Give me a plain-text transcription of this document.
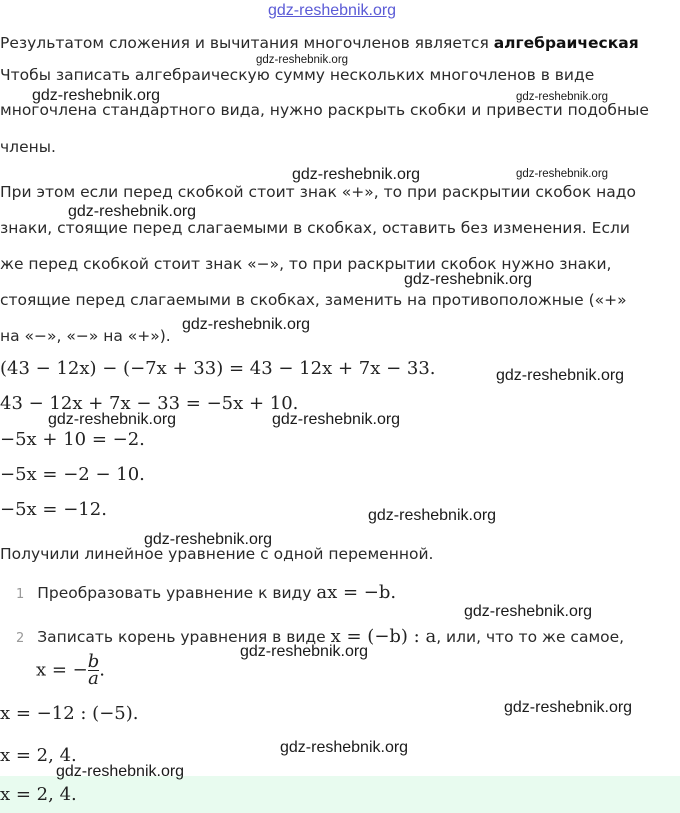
gdz-reshebnik.org
Результатом сложения и вычитания многочленов является алгебраическая
Чтобы записать алгебраическую сумму нескольких многочленов в виде
многочлена стандартного вида, нужно раскрыть скобки и привести подобные
члены.
При этом если перед скобкой стоит знак «+», то при раскрытии скобок надо
знаки, стоящие перед слагаемыми в скобках, оставить без изменения. Если
же перед скобкой стоит знак «−», то при раскрытии скобок нужно знаки,
стоящие перед слагаемыми в скобках, заменить на противоположные («+»
на «−», «−» на «+»).
(43 − 12x) − (−7x + 33) = 43 − 12x + 7x − 33.
43 − 12x + 7x − 33 = −5x + 10.
−5x + 10 = −2.
−5x = −2 − 10.
−5x = −12.
Получили линейное уравнение с одной переменной.
1 Преобразовать уравнение к виду ax = −b.
2 Записать корень уравнения в виде x = (−b) : a, или, что то же самое,
x = − $\frac{b}{a}$ .
x = −12 : (−5).
x = 2, 4.
x = 2, 4.
gdz-reshebnik.org
gdz-reshebnik.org	gdz-reshebnik.org
gdz-reshebnik.org	gdz-reshebnik.org
gdz-reshebnik.org
gdz-reshebnik.org
gdz-reshebnik.org
gdz-reshebnik.org
gdz-reshebnik.org	gdz-reshebnik.org
gdz-reshebnik.org
gdz-reshebnik.org
gdz-reshebnik.org
gdz-reshebnik.org
gdz-reshebnik.org
gdz-reshebnik.org
gdz-reshebnik.org
